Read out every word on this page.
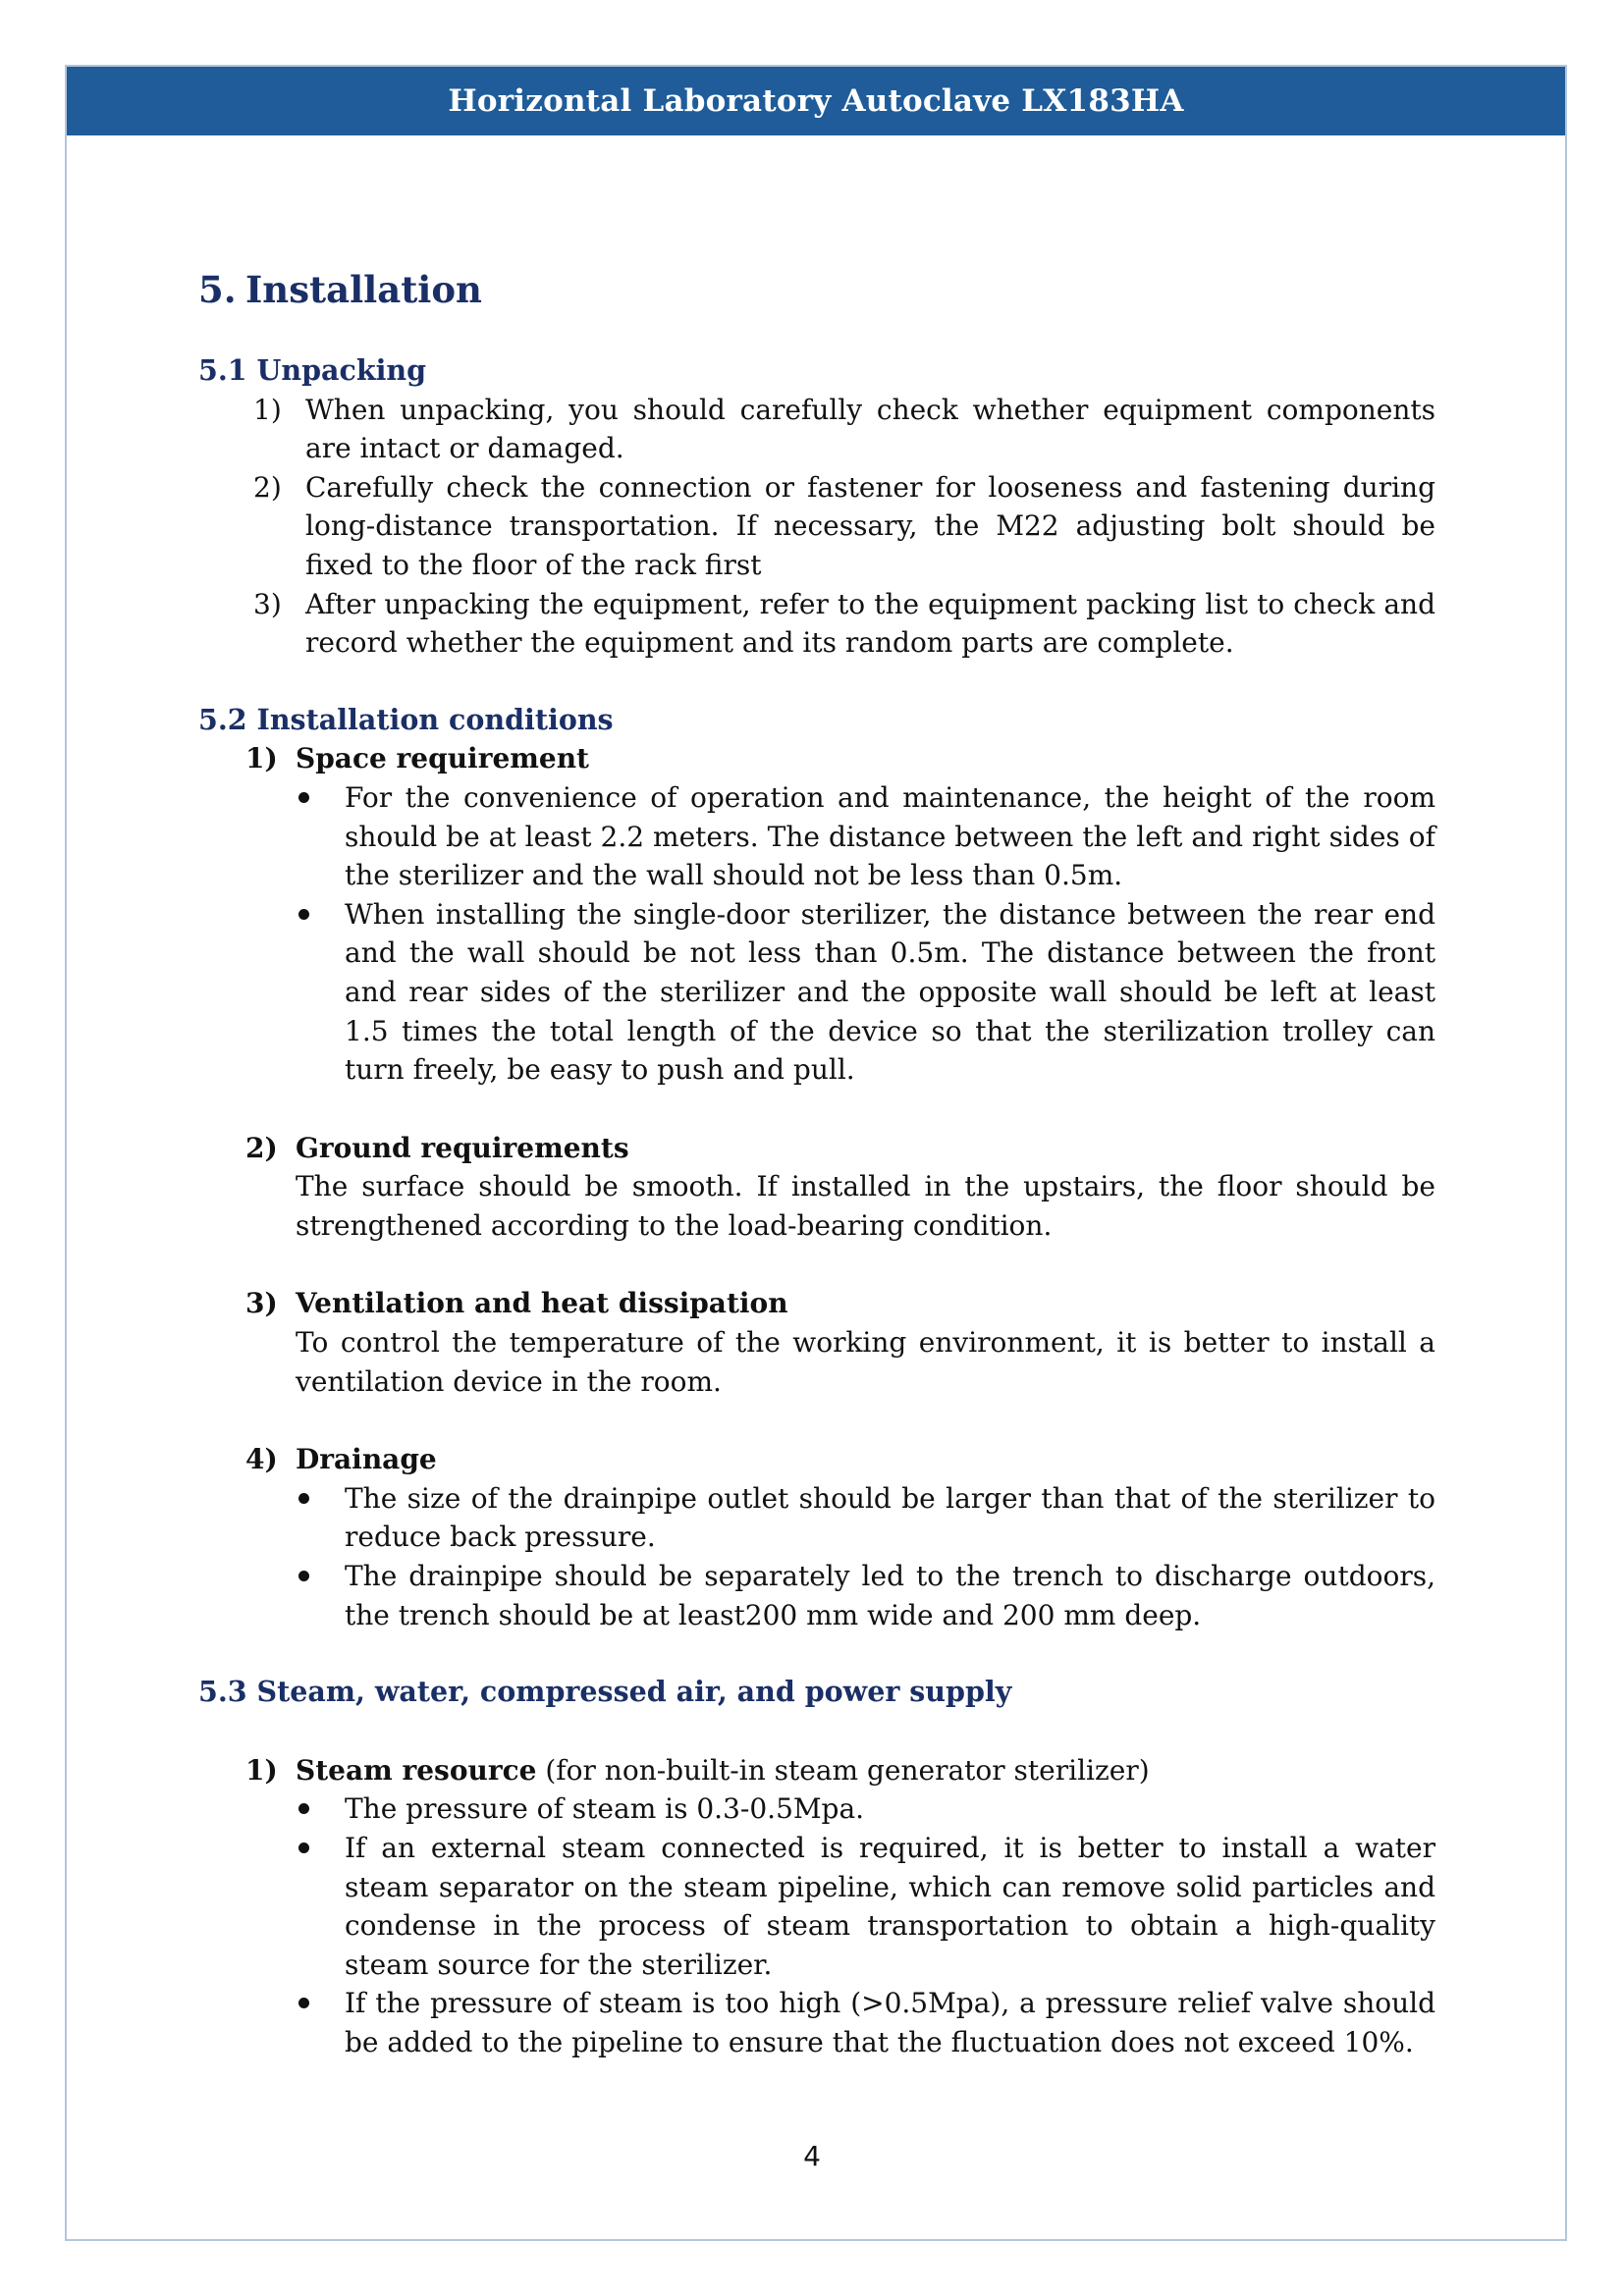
Horizontal Laboratory Autoclave LX183HA
5. Installation
5.1 Unpacking
1) When unpacking, you should carefully check whether equipment components are intact or damaged.
2) Carefully check the connection or fastener for looseness and fastening during long-distance transportation. If necessary, the M22 adjusting bolt should be fixed to the floor of the rack first
3) After unpacking the equipment, refer to the equipment packing list to check and record whether the equipment and its random parts are complete.
5.2 Installation conditions
1) Space requirement
For the convenience of operation and maintenance, the height of the room should be at least 2.2 meters. The distance between the left and right sides of the sterilizer and the wall should not be less than 0.5m.
When installing the single-door sterilizer, the distance between the rear end and the wall should be not less than 0.5m. The distance between the front and rear sides of the sterilizer and the opposite wall should be left at least 1.5 times the total length of the device so that the sterilization trolley can turn freely, be easy to push and pull.
2) Ground requirements

The surface should be smooth. If installed in the upstairs, the floor should be strengthened according to the load-bearing condition.

3) Ventilation and heat dissipation

To control the temperature of the working environment, it is better to install a ventilation device in the room.

4) Drainage
The size of the drainpipe outlet should be larger than that of the sterilizer to reduce back pressure.
The drainpipe should be separately led to the trench to discharge outdoors, the trench should be at least200 mm wide and 200 mm deep.
5.3 Steam, water, compressed air, and power supply
1) Steam resource (for non-built-in steam generator sterilizer)
The pressure of steam is 0.3-0.5Mpa.
If an external steam connected is required, it is better to install a water steam separator on the steam pipeline, which can remove solid particles and condense in the process of steam transportation to obtain a high-quality steam source for the sterilizer.
If the pressure of steam is too high (>0.5Mpa), a pressure relief valve should be added to the pipeline to ensure that the fluctuation does not exceed 10%.
4
